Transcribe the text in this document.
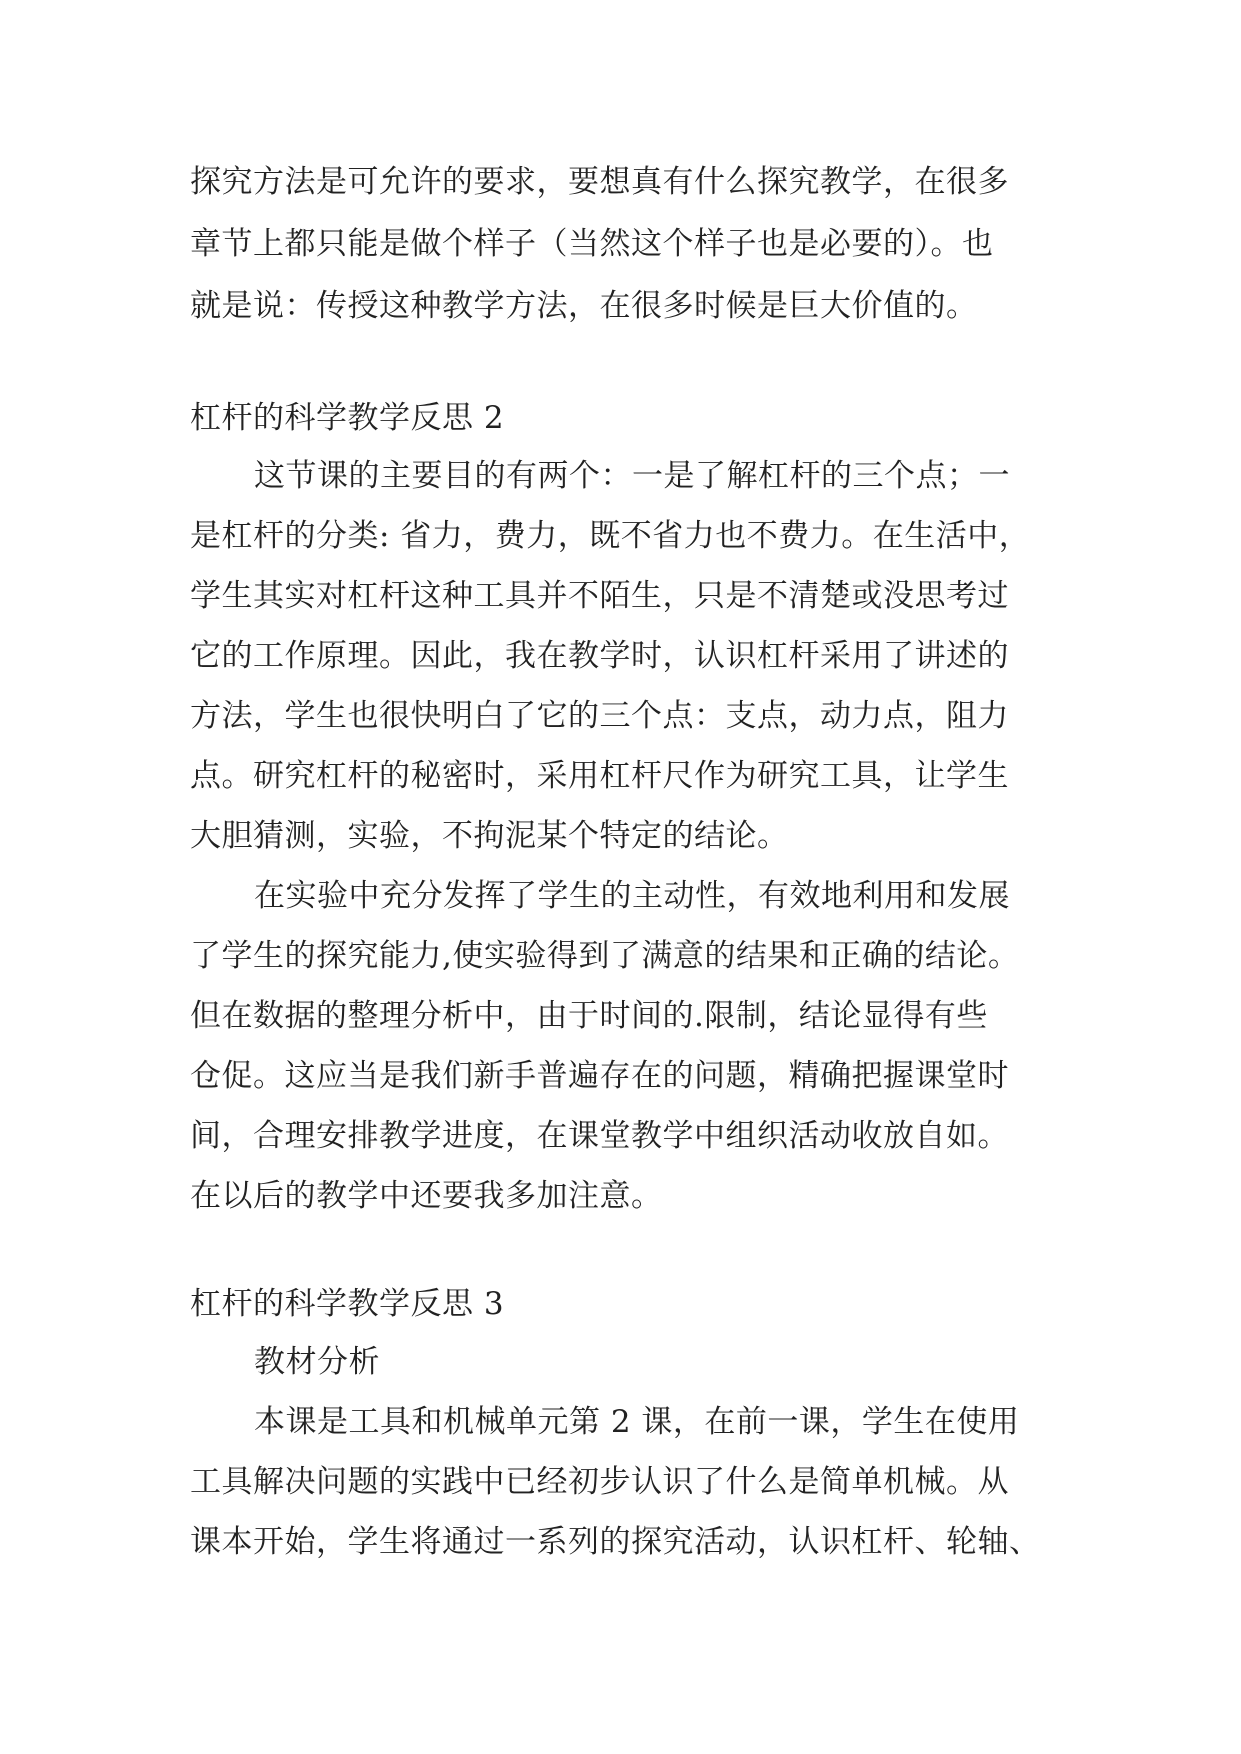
探究方法是可允许的要求，要想真有什么探究教学，在很多
章节上都只能是做个样子（当然这个样子也是必要的）。也
就是说：传授这种教学方法，在很多时候是巨大价值的。
杠杆的科学教学反思 2
这节课的主要目的有两个：一是了解杠杆的三个点；一
是杠杆的分类: 省力，费力，既不省力也不费力。在生活中，
学生其实对杠杆这种工具并不陌生，只是不清楚或没思考过
它的工作原理。因此，我在教学时，认识杠杆采用了讲述的
方法，学生也很快明白了它的三个点：支点，动力点，阻力
点。研究杠杆的秘密时，采用杠杆尺作为研究工具，让学生
大胆猜测，实验，不拘泥某个特定的结论。
在实验中充分发挥了学生的主动性，有效地利用和发展
了学生的探究能力,使实验得到了满意的结果和正确的结论。
但在数据的整理分析中，由于时间的.限制，结论显得有些
仓促。这应当是我们新手普遍存在的问题，精确把握课堂时
间，合理安排教学进度，在课堂教学中组织活动收放自如。
在以后的教学中还要我多加注意。
杠杆的科学教学反思 3
教材分析
本课是工具和机械单元第 2 课，在前一课，学生在使用
工具解决问题的实践中已经初步认识了什么是简单机械。从
课本开始，学生将通过一系列的探究活动，认识杠杆、轮轴、
